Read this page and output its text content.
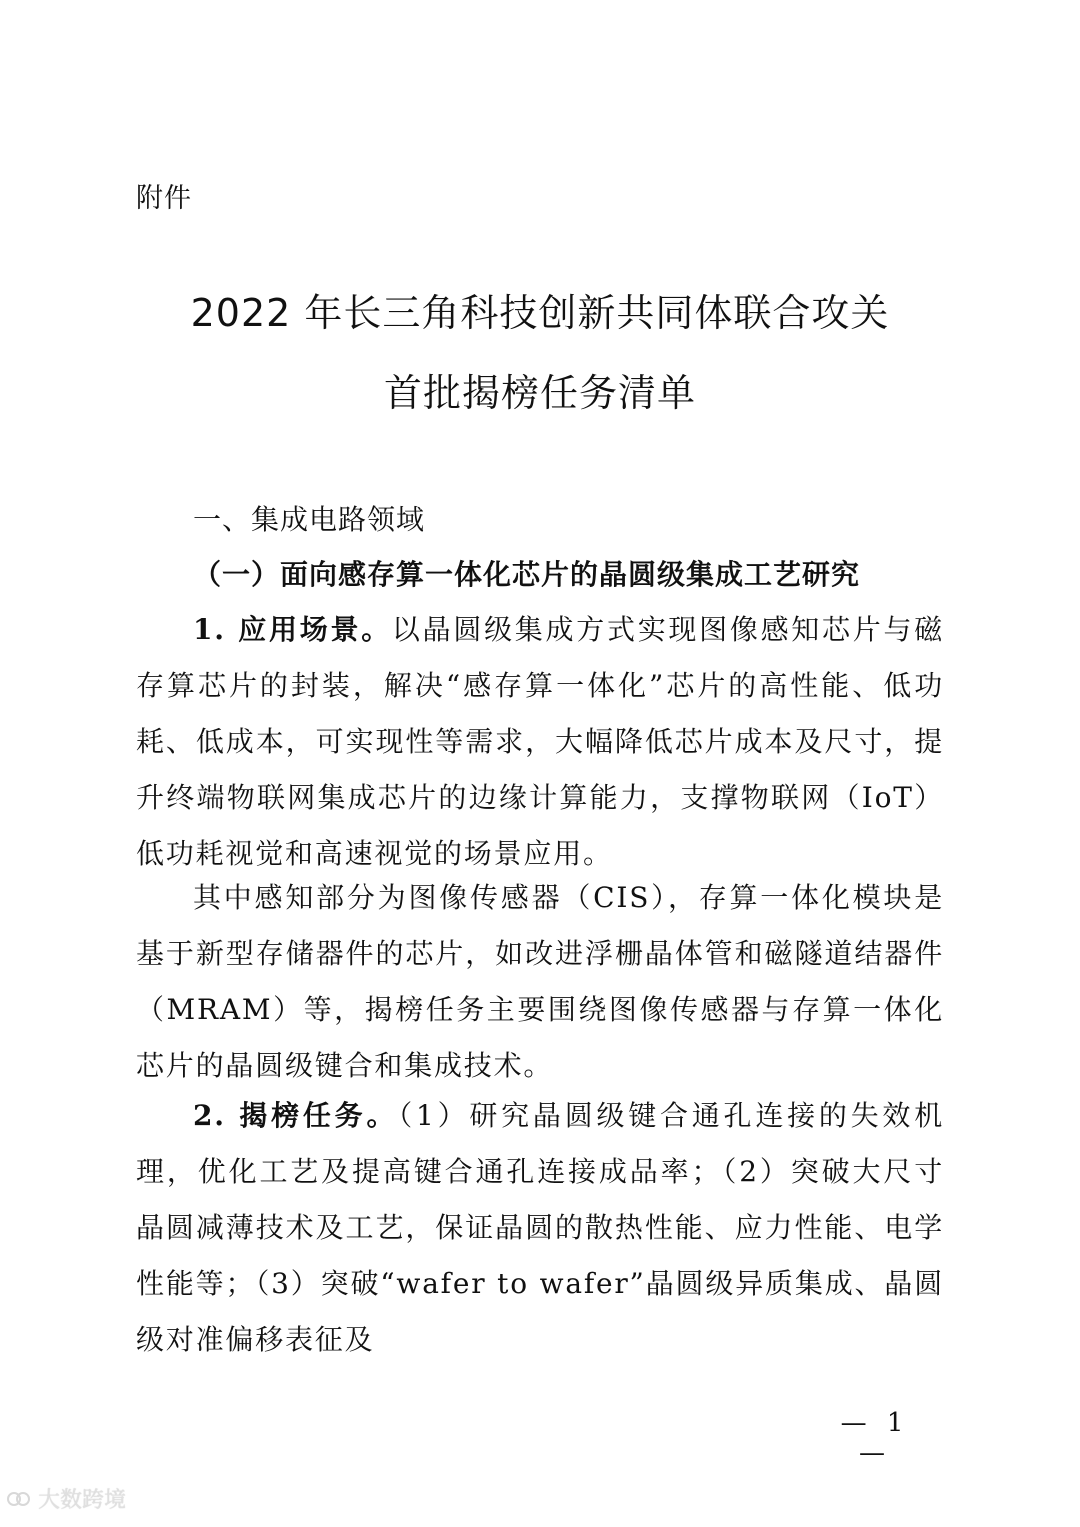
附件
2022 年长三角科技创新共同体联合攻关
首批揭榜任务清单
一、集成电路领域
（一）面向感存算一体化芯片的晶圆级集成工艺研究

1. 应用场景。以晶圆级集成方式实现图像感知芯片与磁存算芯片的封装，解决“感存算一体化”芯片的高性能、低功耗、低成本，可实现性等需求，大幅降低芯片成本及尺寸，提升终端物联网集成芯片的边缘计算能力，支撑物联网（IoT）低功耗视觉和高速视觉的场景应用。

其中感知部分为图像传感器（CIS），存算一体化模块是基于新型存储器件的芯片，如改进浮栅晶体管和磁隧道结器件（MRAM）等，揭榜任务主要围绕图像传感器与存算一体化芯片的晶圆级键合和集成技术。

2. 揭榜任务。（1）研究晶圆级键合通孔连接的失效机理，优化工艺及提高键合通孔连接成品率；（2）突破大尺寸晶圆减薄技术及工艺，保证晶圆的散热性能、应力性能、电学性能等；（3）突破“wafer to wafer”晶圆级异质集成、晶圆级对准偏移表征及

— 1 —
大数跨境
